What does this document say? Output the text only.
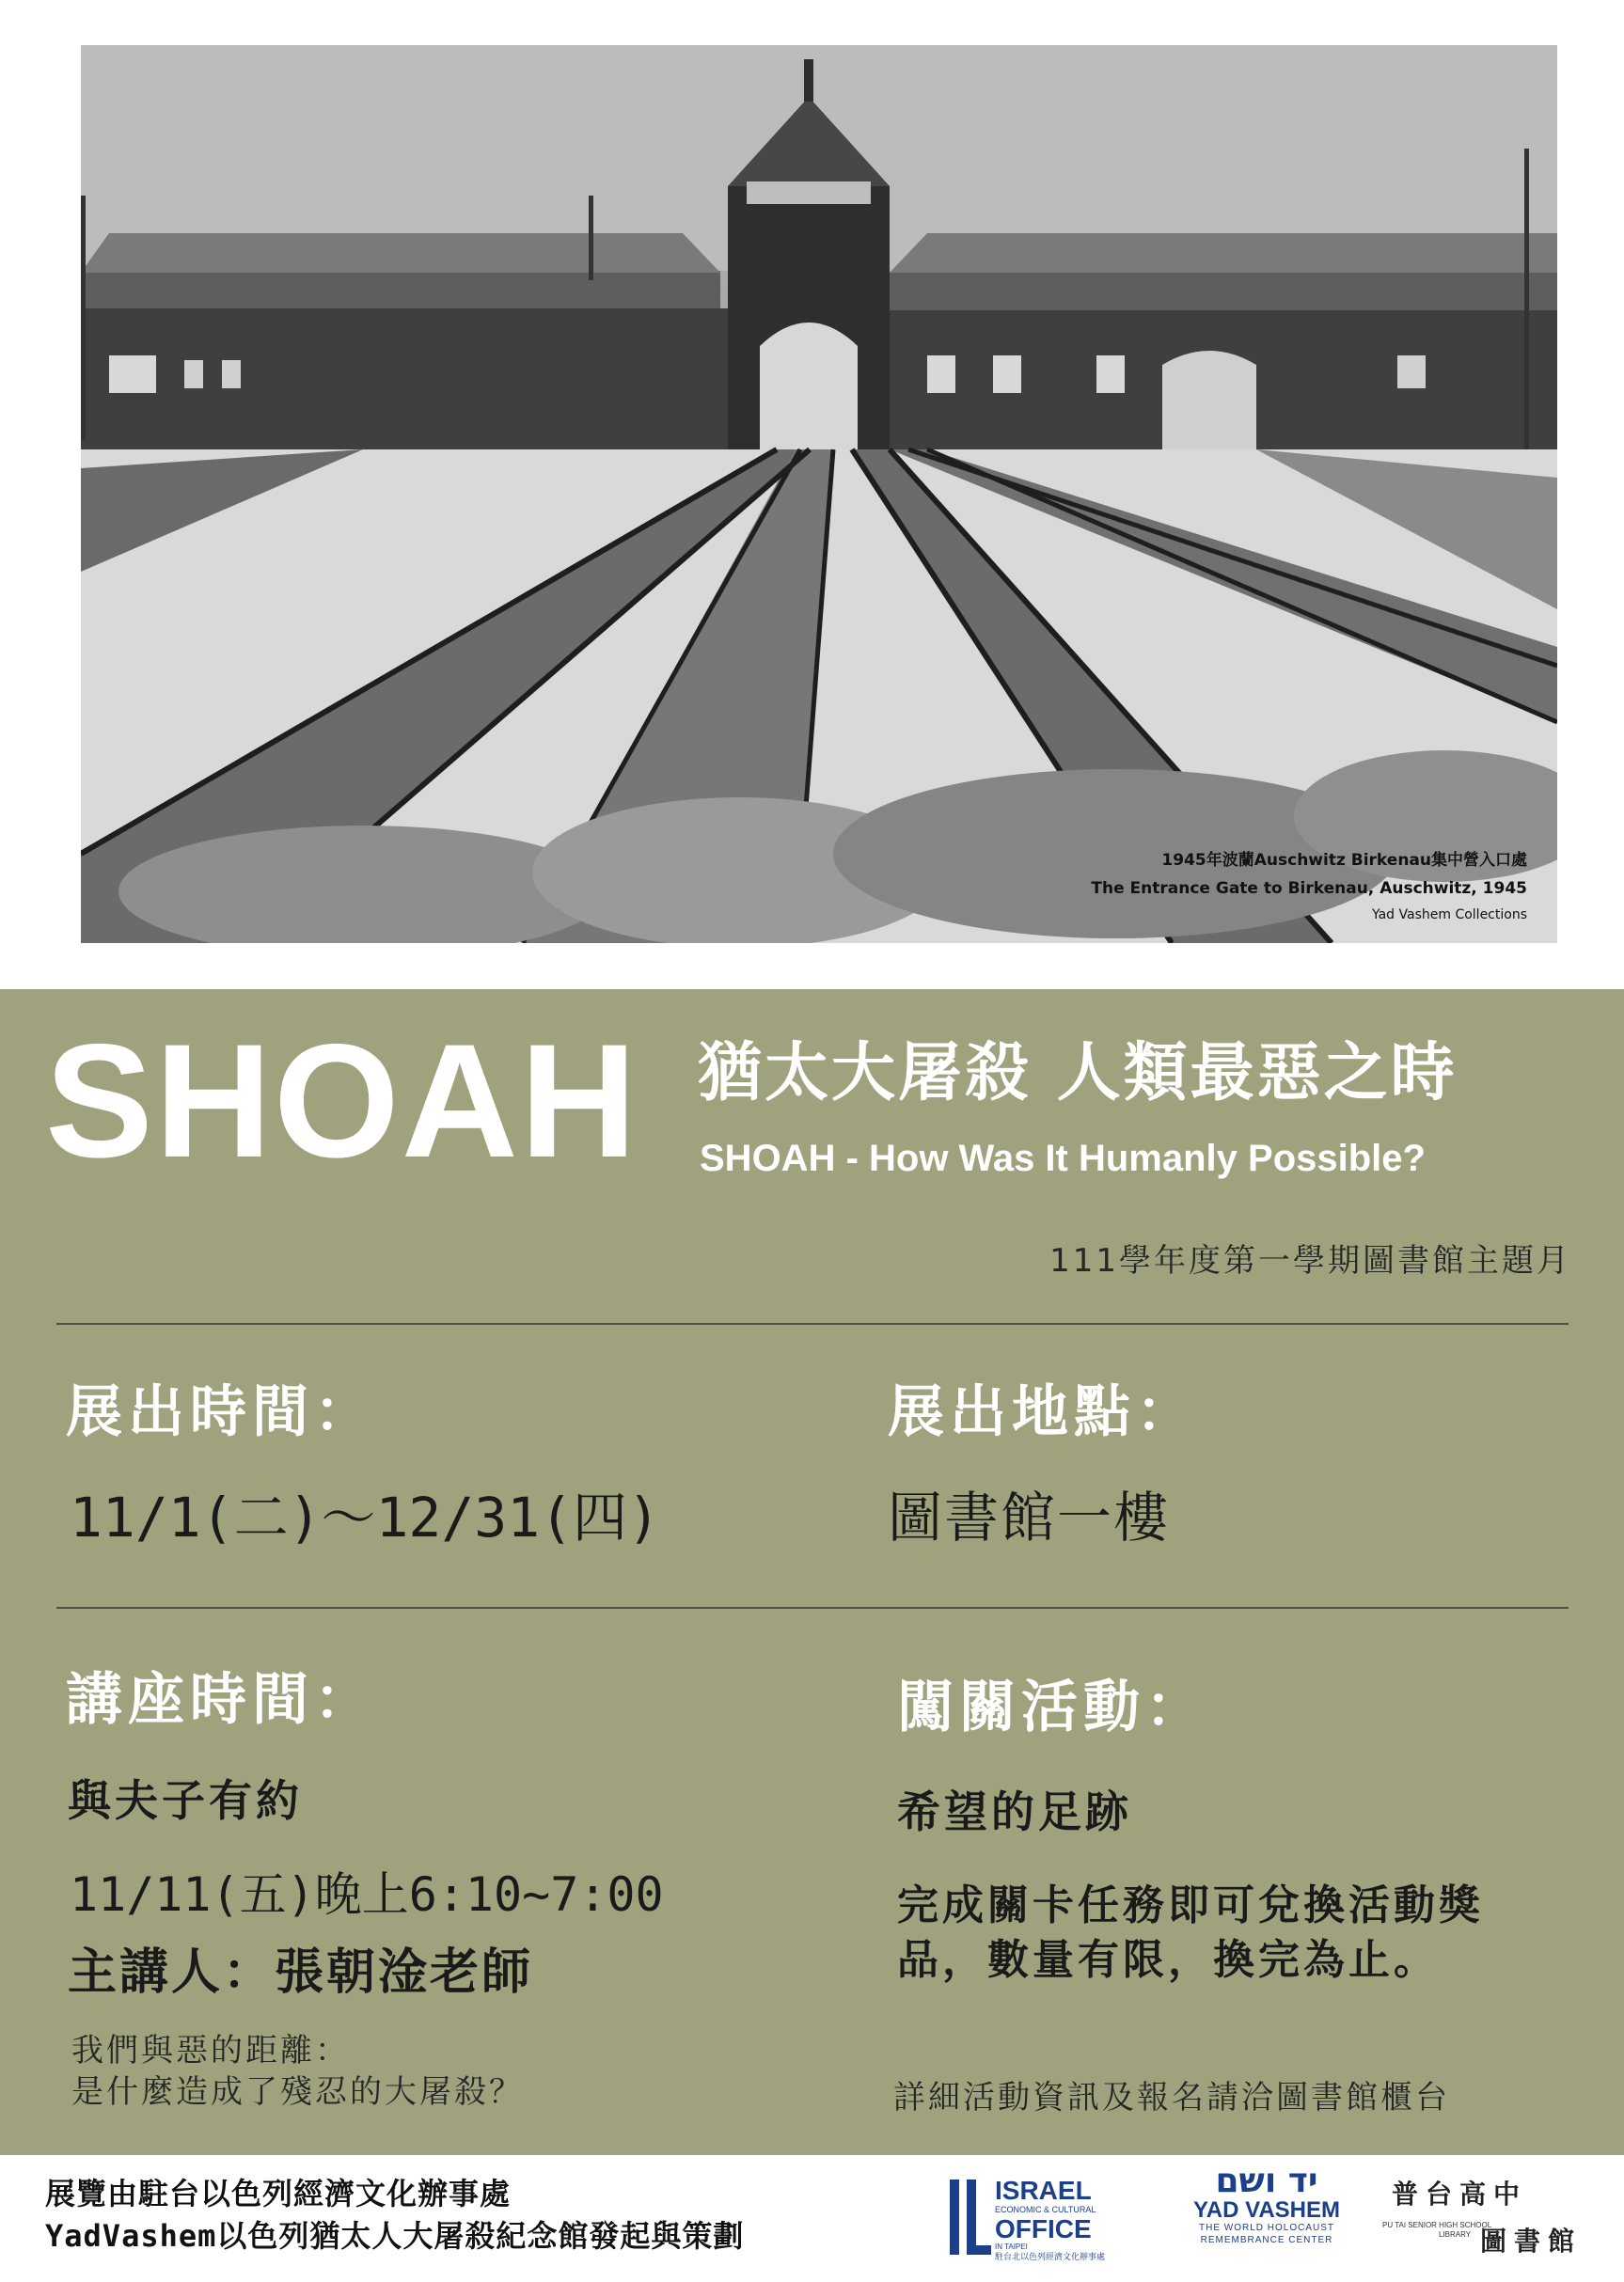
1945年波蘭Auschwitz Birkenau集中營入口處
The Entrance Gate to Birkenau, Auschwitz, 1945
Yad Vashem Collections
SHOAH 猶太大屠殺 人類最惡之時
SHOAH - How Was It Humanly Possible?
111學年度第一學期圖書館主題月
展出時間：
11/1(二)～12/31(四)
展出地點：
圖書館一樓
講座時間：
與夫子有約
11/11(五)晚上6:10~7:00
主講人：張朝淦老師
我們與惡的距離：
是什麼造成了殘忍的大屠殺？
闖關活動：
希望的足跡
完成關卡任務即可兌換活動獎
品，數量有限，換完為止。
詳細活動資訊及報名請洽圖書館櫃台
展覽由駐台以色列經濟文化辦事處
YadVashem以色列猶太人大屠殺紀念館發起與策劃
ISRAEL
ECONOMIC & CULTURAL
OFFICE
IN TAIPEI
駐台北以色列經濟文化辦事處
יד ושם
YAD VASHEM
THE WORLD HOLOCAUST
REMEMBRANCE CENTER
普台高中
PU TAI SENIOR HIGH SCHOOL
LIBRARY 圖書館
